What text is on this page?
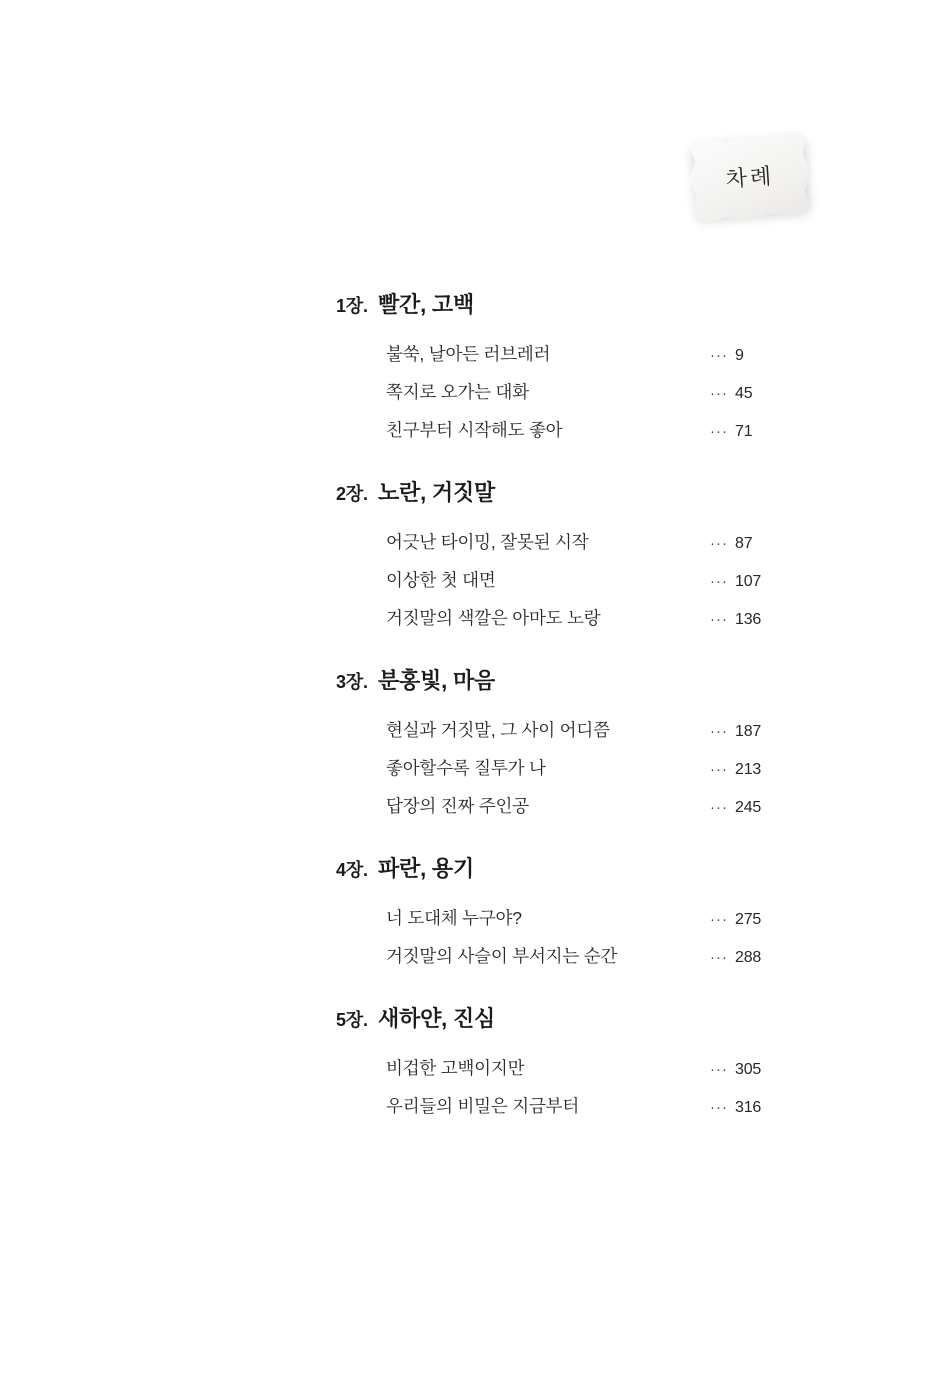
차례
1장. 빨간, 고백
불쑥, 날아든 러브레러	··· 9
쪽지로 오가는 대화	··· 45
친구부터 시작해도 좋아	··· 71
2장. 노란, 거짓말
어긋난 타이밍, 잘못된 시작	··· 87
이상한 첫 대면	··· 107
거짓말의 색깔은 아마도 노랑	··· 136
3장. 분홍빛, 마음
현실과 거짓말, 그 사이 어디쯤	··· 187
좋아할수록 질투가 나	··· 213
답장의 진짜 주인공	··· 245
4장. 파란, 용기
너 도대체 누구야?	··· 275
거짓말의 사슬이 부서지는 순간	··· 288
5장. 새하얀, 진심
비겁한 고백이지만	··· 305
우리들의 비밀은 지금부터	··· 316
